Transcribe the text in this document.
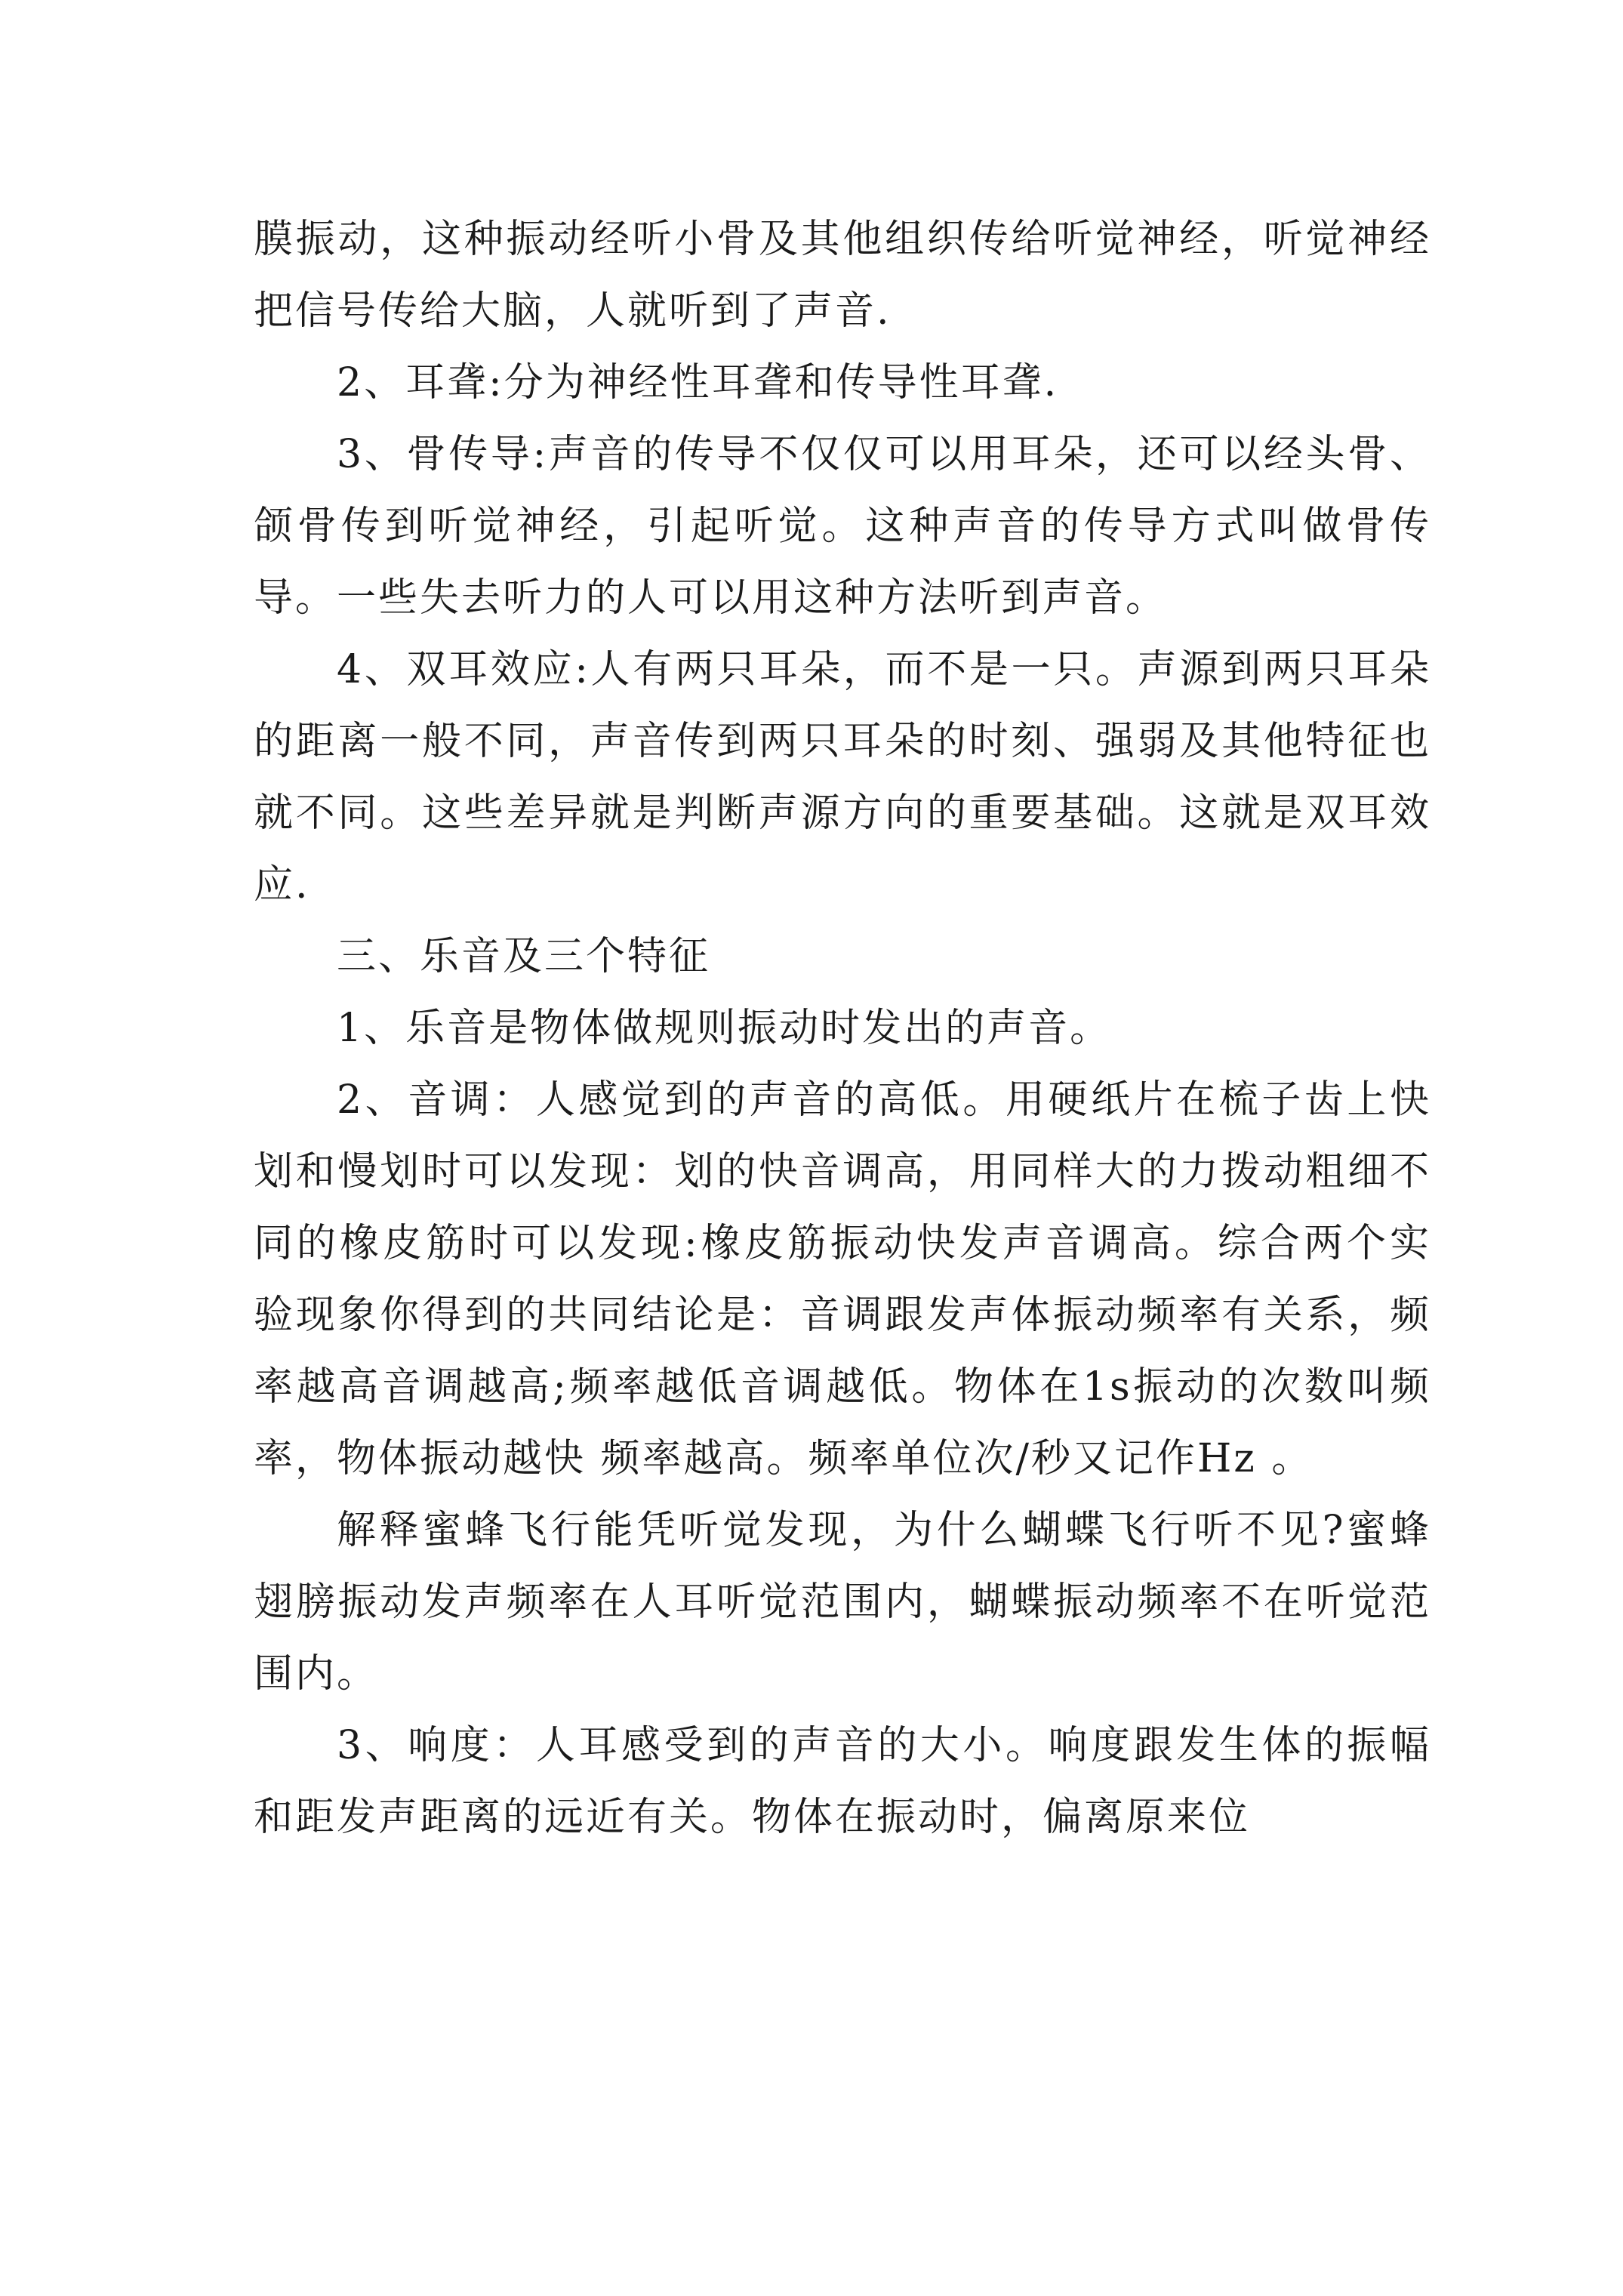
膜振动，这种振动经听小骨及其他组织传给听觉神经，听觉神经把信号传给大脑，人就听到了声音.

2、耳聋:分为神经性耳聋和传导性耳聋.

3、骨传导:声音的传导不仅仅可以用耳朵，还可以经头骨、颌骨传到听觉神经，引起听觉。这种声音的传导方式叫做骨传导。一些失去听力的人可以用这种方法听到声音。

4、双耳效应:人有两只耳朵，而不是一只。声源到两只耳朵的距离一般不同，声音传到两只耳朵的时刻、强弱及其他特征也就不同。这些差异就是判断声源方向的重要基础。这就是双耳效应.

三、乐音及三个特征

1、乐音是物体做规则振动时发出的声音。

2、音调：人感觉到的声音的高低。用硬纸片在梳子齿上快划和慢划时可以发现：划的快音调高，用同样大的力拨动粗细不同的橡皮筋时可以发现:橡皮筋振动快发声音调高。综合两个实验现象你得到的共同结论是：音调跟发声体振动频率有关系，频率越高音调越高;频率越低音调越低。物体在1s振动的次数叫频率，物体振动越快 频率越高。频率单位次/秒又记作Hz 。

解释蜜蜂飞行能凭听觉发现，为什么蝴蝶飞行听不见?蜜蜂翅膀振动发声频率在人耳听觉范围内，蝴蝶振动频率不在听觉范围内。

3、响度：人耳感受到的声音的大小。响度跟发生体的振幅和距发声距离的远近有关。物体在振动时，偏离原来位
